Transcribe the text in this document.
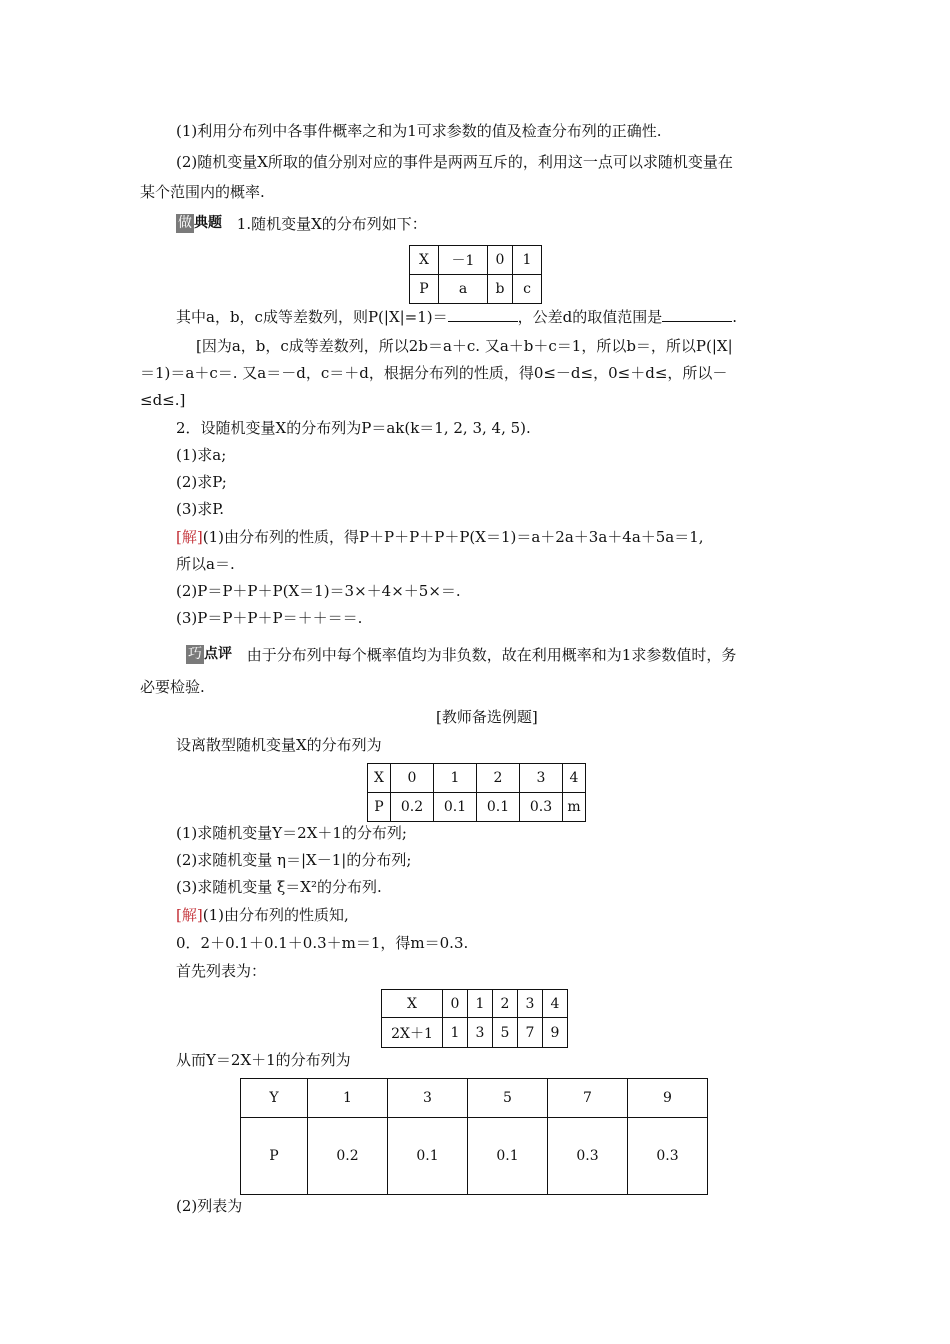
(1)利用分布列中各事件概率之和为1可求参数的值及检查分布列的正确性.
(2)随机变量X所取的值分别对应的事件是两两互斥的，利用这一点可以求随机变量在
某个范围内的概率.
做 典题 1.随机变量X的分布列如下：
X	－1	0	1
P	a	b	c
其中a，b，c成等差数列，则P(|X|=1)＝	，公差d的取值范围是	.
[因为a，b，c成等差数列，所以2b＝a＋c. 又a＋b＋c＝1，所以b＝，所以P(|X|
＝1)＝a＋c＝. 又a＝－d，c＝＋d，根据分布列的性质，得0≤－d≤，0≤＋d≤，所以－
≤d≤.]
2．设随机变量X的分布列为P＝ak(k＝1, 2, 3, 4, 5).
(1)求a;
(2)求P;
(3)求P.
[解](1)由分布列的性质，得P＋P＋P＋P＋P(X＝1)＝a＋2a＋3a＋4a＋5a＝1,
所以a＝.
(2)P＝P＋P＋P(X＝1)＝3×＋4×＋5×＝.
(3)P＝P＋P＋P＝＋＋＝＝.
巧 点评 由于分布列中每个概率值均为非负数，故在利用概率和为1求参数值时，务
必要检验.
[教师备选例题]
设离散型随机变量X的分布列为
X	0	1	2	3	4
P	0.2	0.1	0.1	0.3	m
(1)求随机变量Y＝2X＋1的分布列;
(2)求随机变量 η＝|X－1|的分布列;
(3)求随机变量 ξ＝X²的分布列.
[解](1)由分布列的性质知,
0．2＋0.1＋0.1＋0.3＋m＝1，得m＝0.3.
首先列表为：
X	0	1	2	3	4
2X＋1	1	3	5	7	9
从而Y＝2X＋1的分布列为
Y	1	3	5	7	9
P	0.2	0.1	0.1	0.3	0.3
(2)列表为
